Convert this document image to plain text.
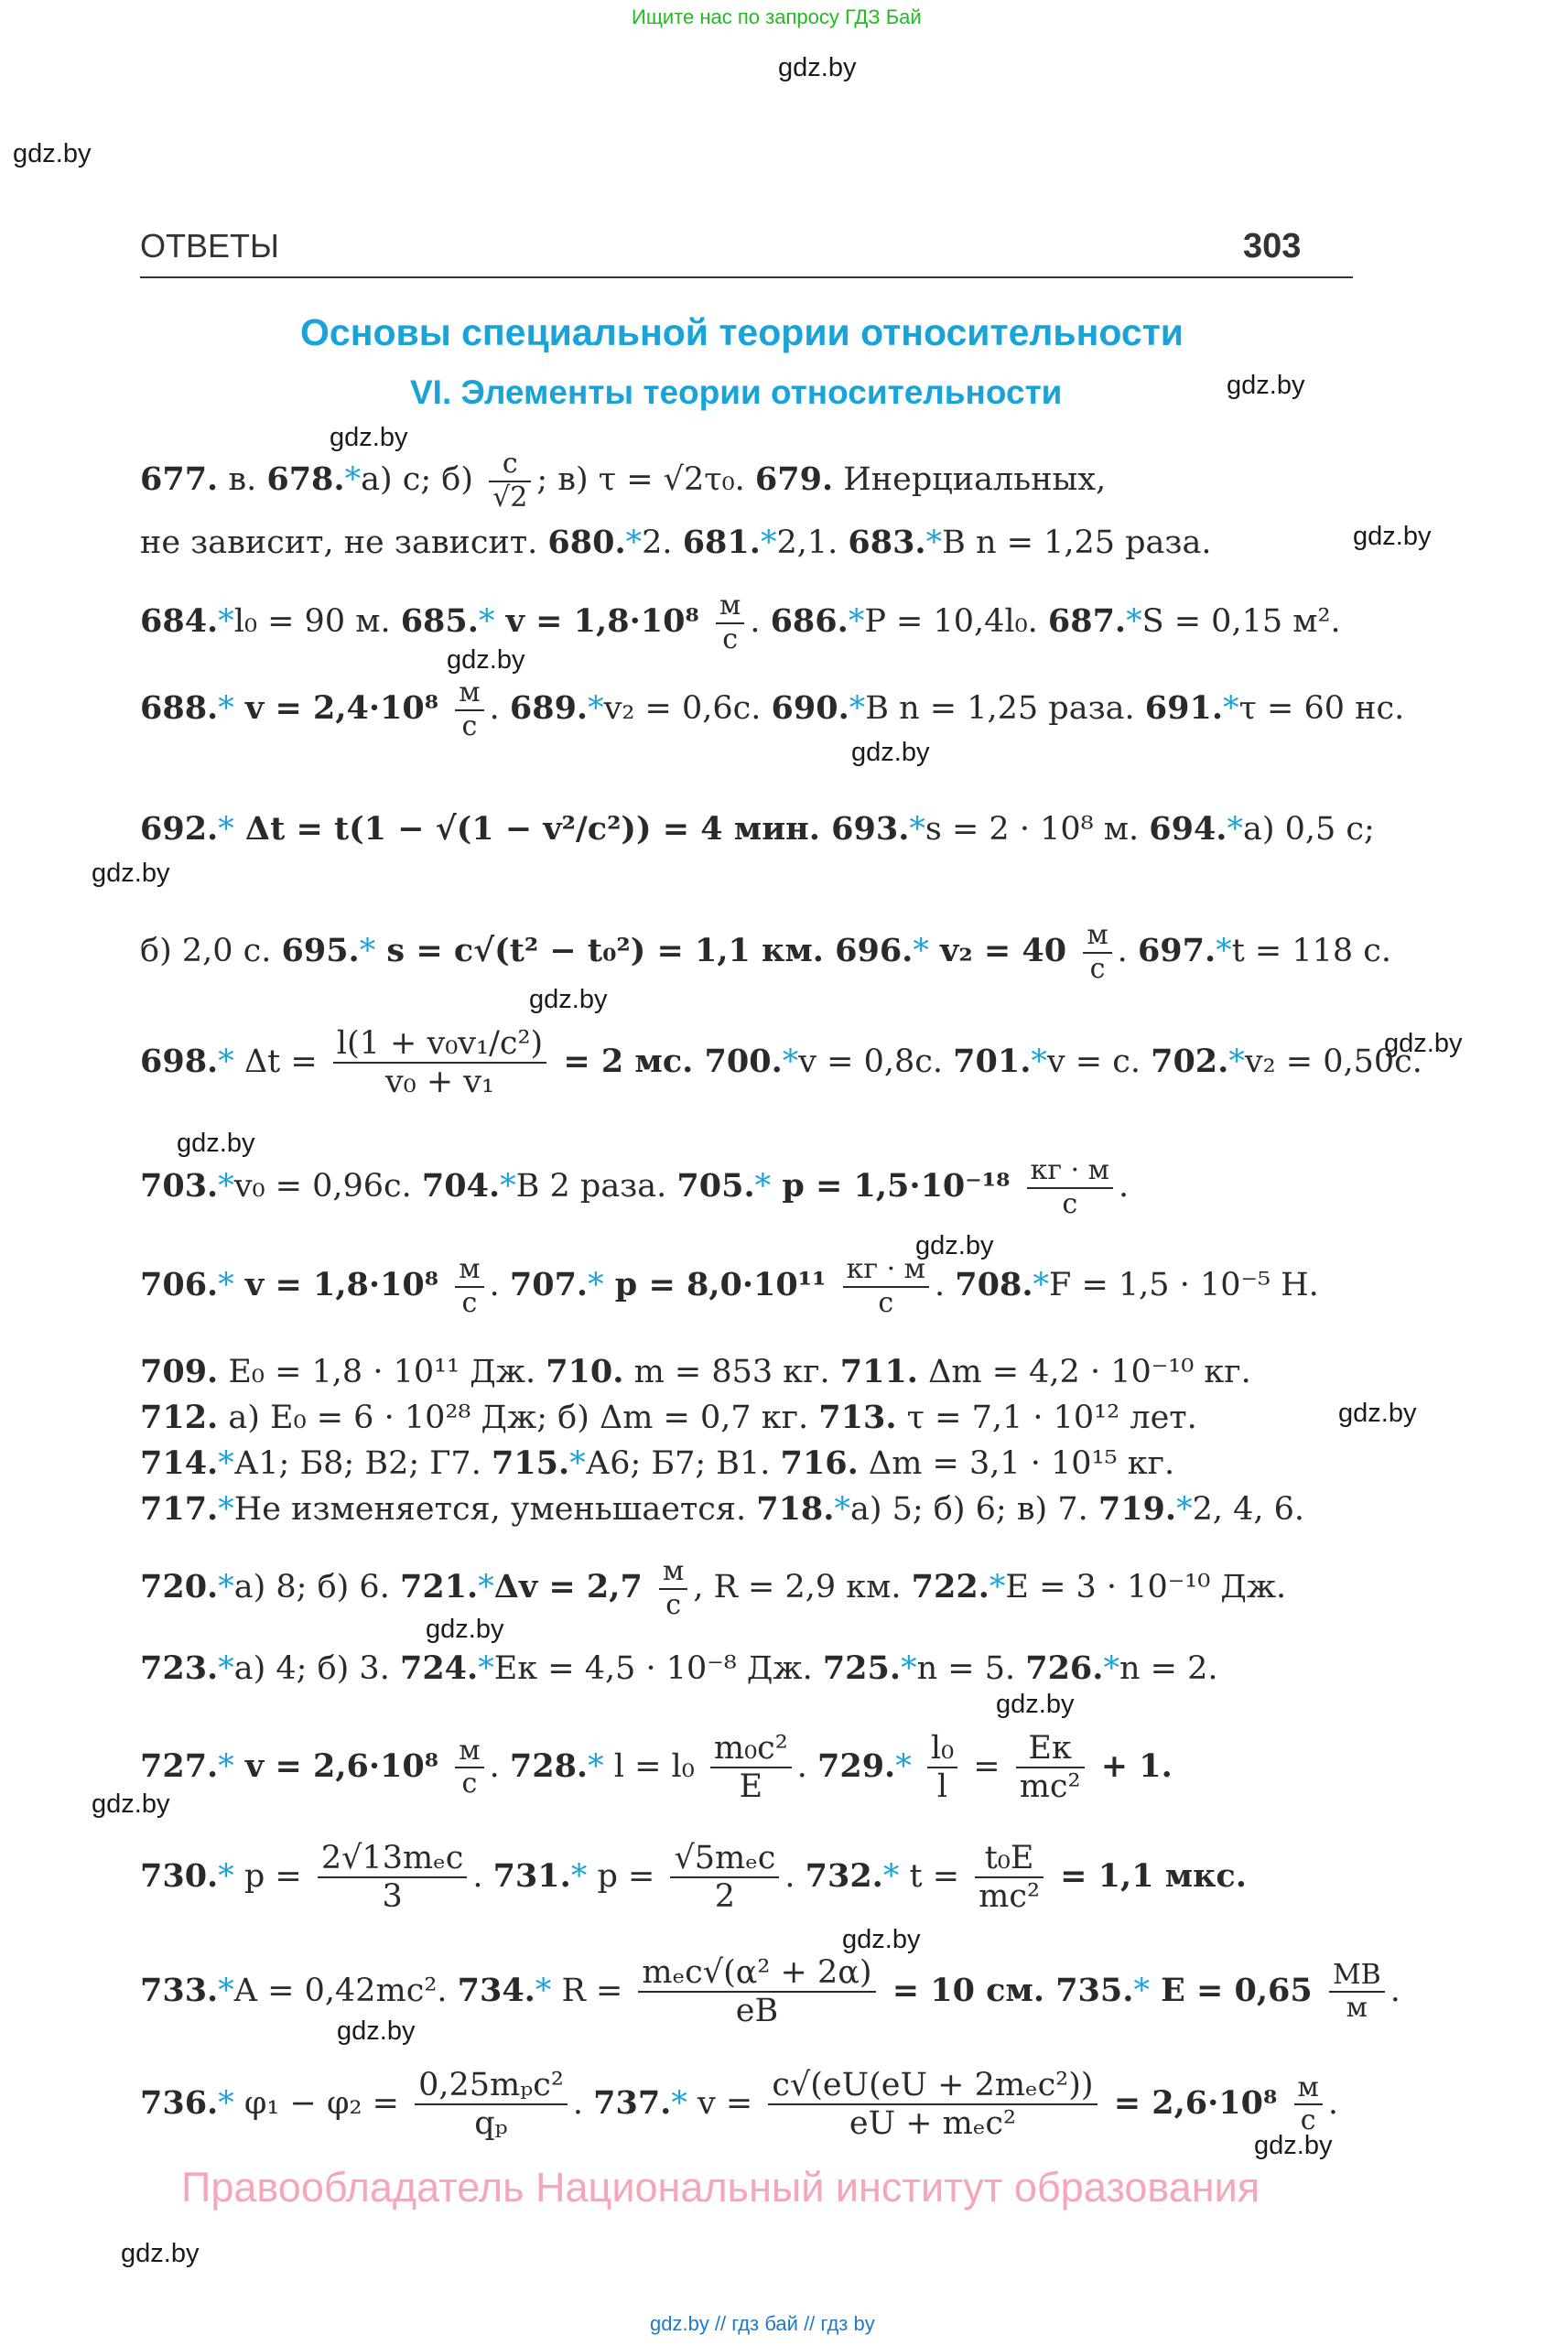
Ищите нас по запросу ГДЗ Бай
gdz.by
gdz.by
gdz.by
gdz.by
gdz.by
gdz.by
gdz.by
gdz.by
gdz.by
gdz.by
gdz.by
gdz.by
gdz.by
gdz.by
gdz.by
gdz.by
gdz.by
gdz.by
gdz.by
gdz.by
ОТВЕТЫ	303
Основы специальной теории относительности
VI. Элементы теории относительности
677. в. 678.*а) c; $б) \frac{c}{√2}$ ; в) τ = √2τ₀. 679. Инерциальных,
не зависит, не зависит. 680.*2. 681.*2,1. 683.*В n = 1,25 раза.
684.*l₀ = 90 м. 685.* v = 1,8·10⁸ м
с . 686.*P = 10,4l₀. 687.*S = 0,15 м².
688.* v = 2,4·10⁸ м
с . 689.*v₂ = 0,6c. 690.*В n = 1,25 раза. 691.*τ = 60 нс.
692.* Δt = t(1 − √(1 − v²/c²)) = 4 мин. 693.*s = 2 · 10⁸ м. 694.*а) 0,5 с;
б) 2,0 с. 695.* s = c√(t² − t₀²) = 1,1 км. 696.* v₂ = 40 м
с . 697.*t = 118 с.
698.* $\Delta t = \frac{\text{l(1 + v₀v₁/c²)}}{\text{v₀ + v₁}} = 2$ мс. 700.*v = 0,8c. 701.*v = c. 702.*v₂ = 0,50c.
703.*v₀ = 0,96c. 704.*В 2 раза. 705.* p = 1,5·10⁻¹⁸ кг · м
с	.
706.* v = 1,8·10⁸ м
с . 707.* p = 8,0·10¹¹ кг · м
с	. 708.*F = 1,5 · 10⁻⁵ Н.
709. E₀ = 1,8 · 10¹¹ Дж. 710. m = 853 кг. 711. Δm = 4,2 · 10⁻¹⁰ кг.
712. а) E₀ = 6 · 10²⁸ Дж; б) Δm = 0,7 кг. 713. τ = 7,1 · 10¹² лет.
714.*А1; Б8; В2; Г7. 715.*А6; Б7; В1. 716. Δm = 3,1 · 10¹⁵ кг.
717.*Не изменяется, уменьшается. 718.*а) 5; б) 6; в) 7. 719.*2, 4, 6.
720.*а) 8; б) 6. 721.*Δv = 2,7 м
с , R = 2,9 км. 722.*E = 3 · 10⁻¹⁰ Дж.
723.*а) 4; б) 3. 724.*Eк = 4,5 · 10⁻⁸ Дж. 725.*n = 5. 726.*n = 2.
727.* v = 2,6·10⁸ м
с . 728.* $l = l_0 \frac{\text{m₀c²}}{E}$ . $729.* \frac{\text{l₀}}{l}$ = Eк
mc²
+ 1.
730.* p = 2√13mₑc
3
. 731.* p = √5mₑc
2
. 732.* $t = \frac{\text{t₀E}}{\text{mc²}} = 1,1$ мкс.
733.*A = 0,42mc². 734.* R = mₑc√(α² + 2α)
eB
= 10 см. 735.* E = 0,65 МВ
м .
736.* φ₁ − φ₂ = 0,25mₚc²
qₚ
. 737.* v = c√(eU(eU + 2mₑc²))
eU + mₑc²
= 2,6·10⁸ м
с .
Правообладатель Национальный институт образования
gdz.by // гдз бай // гдз by
